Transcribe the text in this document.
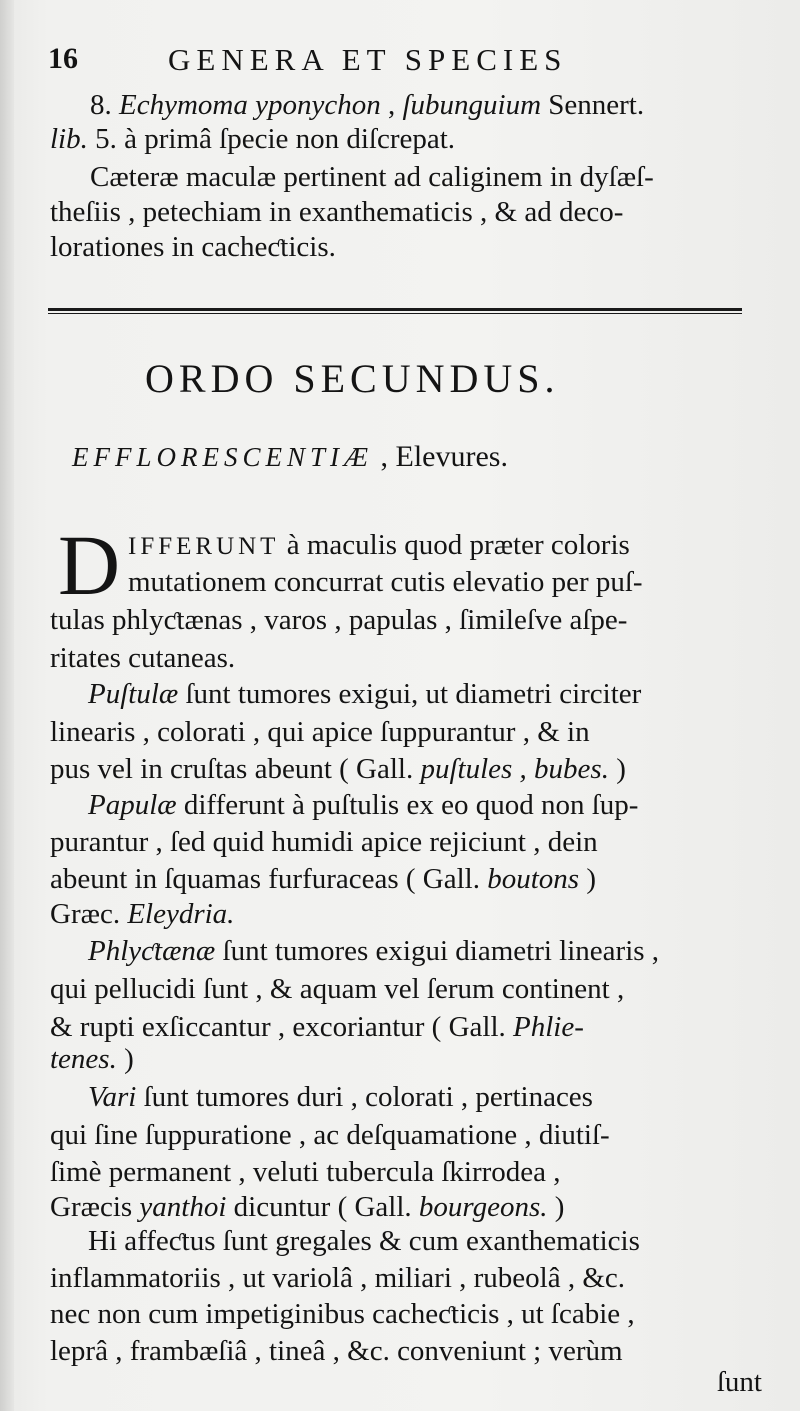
16	GENERA ET SPECIES
8. Echymoma yponychon , ſubunguium Sennert.
lib. 5. à primâ ſpecie non diſcrepat.
Cæteræ maculæ pertinent ad caliginem in dyſæſ-
theſiis , petechiam in exanthematicis , & ad deco-
lorationes in cacheƈticis.
ORDO SECUNDUS.
EFFLORESCENTIÆ , Elevures.
D IFFERUNT à maculis quod præter coloris
mutationem concurrat cutis elevatio per puſ-
tulas phlyƈtænas , varos , papulas , ſimileſve aſpe-
ritates cutaneas.
Puſtulæ ſunt tumores exigui, ut diametri circiter
linearis , colorati , qui apice ſuppurantur , & in
pus vel in cruſtas abeunt ( Gall. puſtules , bubes. )
Papulæ differunt à puſtulis ex eo quod non ſup-
purantur , ſed quid humidi apice rejiciunt , dein
abeunt in ſquamas furfuraceas ( Gall. boutons )
Græc. Eleydria.
Phlyƈtænæ ſunt tumores exigui diametri linearis ,
qui pellucidi ſunt , & aquam vel ſerum continent ,
& rupti exſiccantur , excoriantur ( Gall. Phlie-
tenes. )
Vari ſunt tumores duri , colorati , pertinaces
qui ſine ſuppuratione , ac deſquamatione , diutiſ-
ſimè permanent , veluti tubercula ſkirrodea ,
Græcis yanthoi dicuntur ( Gall. bourgeons. )
Hi affeƈtus ſunt gregales & cum exanthematicis
inflammatoriis , ut variolâ , miliari , rubeolâ , &c.
nec non cum impetiginibus cacheƈticis , ut ſcabie ,
leprâ , frambæſiâ , tineâ , &c. conveniunt ; verùm
ſunt
